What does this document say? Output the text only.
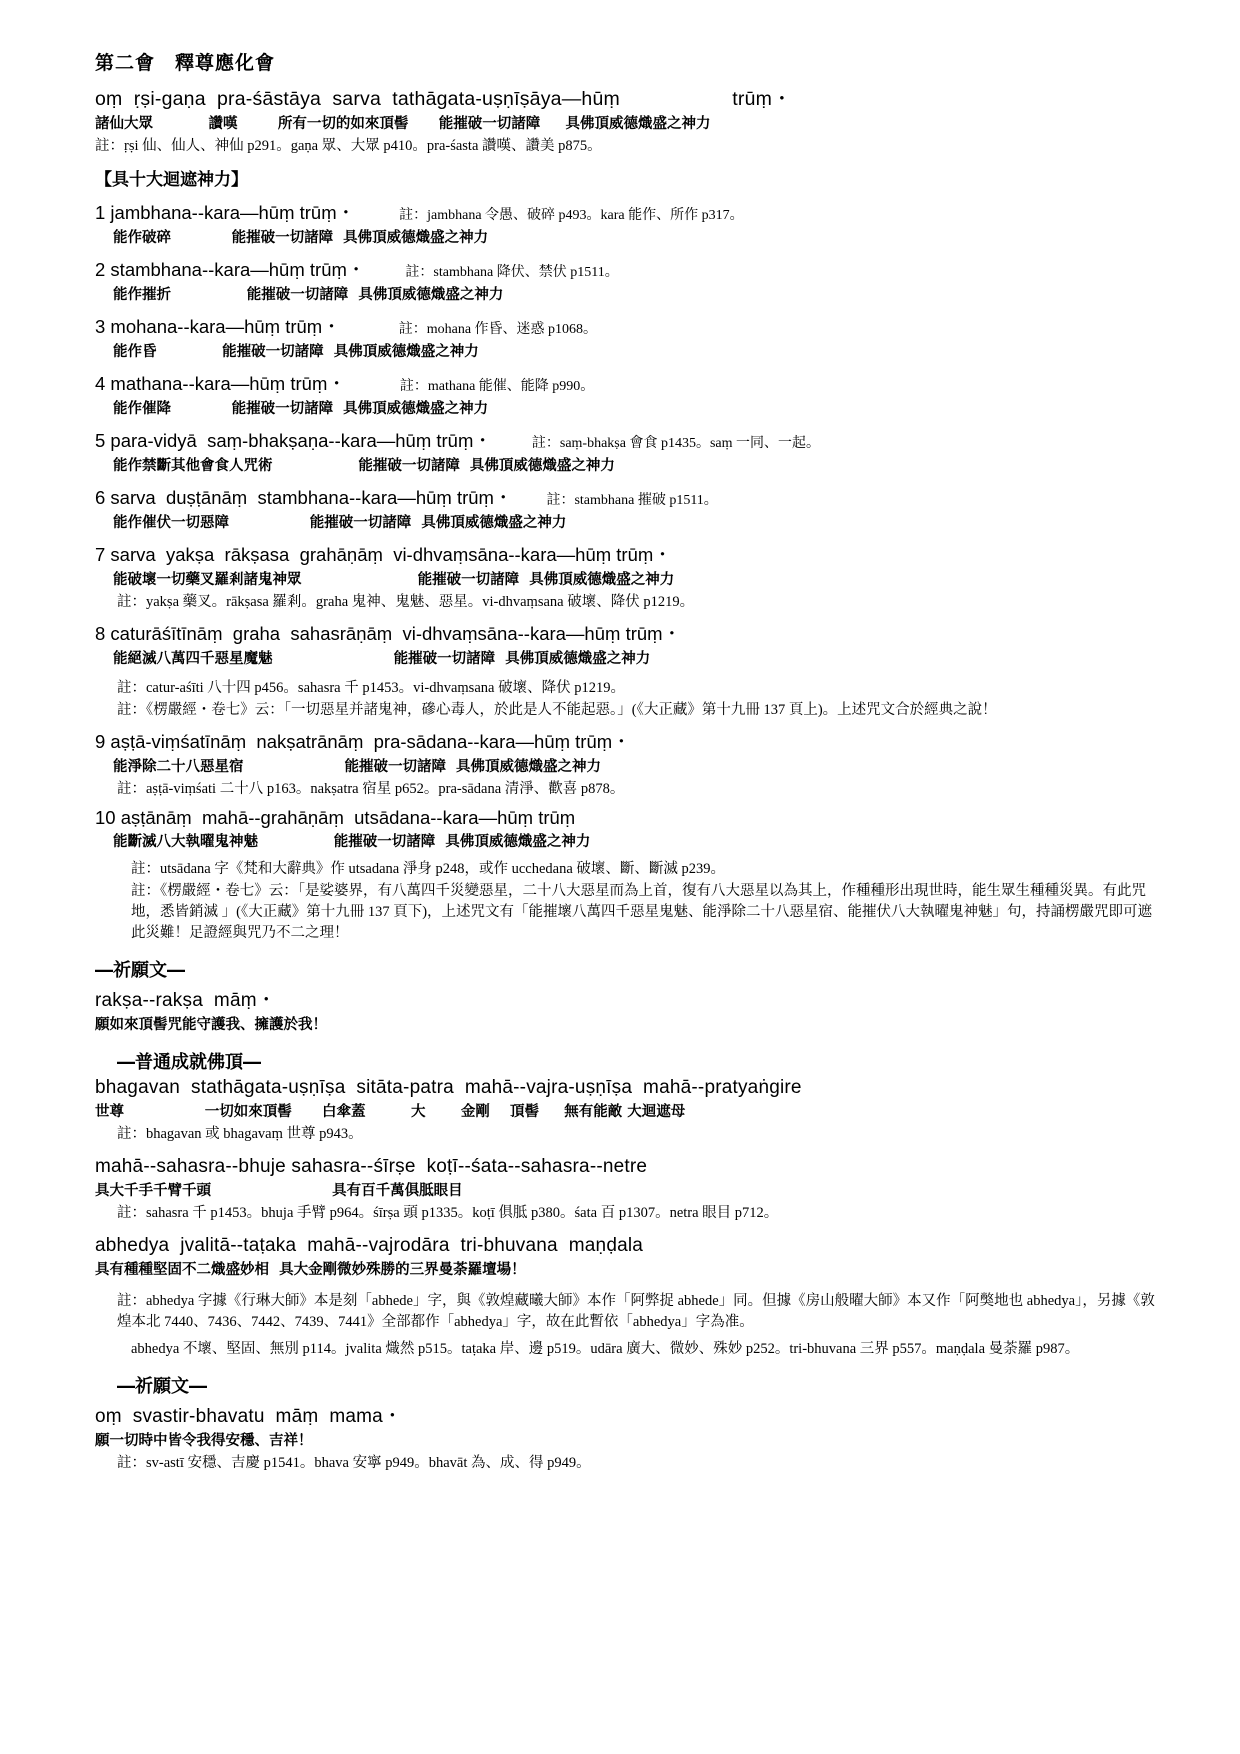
第二會　釋尊應化會
oṃ  ṛṣi-gaṇa  pra-śāstāya  sarva  tathāgata-uṣṇīṣāya—hūṃ                    trūṃ・
諸仙大眾           讚嘆        所有一切的如來頂髻      能摧破一切諸障     具佛頂威德熾盛之神力
註：ṛṣi 仙、仙人、神仙 p291。gaṇa 眾、大眾 p410。pra-śasta 讚嘆、讚美 p875。
【具十大迴遮神力】
1 jambhana--kara—hūṃ trūṃ・	註：jambhana 令愚、破碎 p493。kara 能作、所作 p317。
能作破碎            能摧破一切諸障  具佛頂威德熾盛之神力
2 stambhana--kara—hūṃ trūṃ・	註：stambhana 降伏、禁伏 p1511。
能作摧折               能摧破一切諸障  具佛頂威德熾盛之神力
3 mohana--kara—hūṃ trūṃ・	註：mohana 作昏、迷惑 p1068。
能作昏             能摧破一切諸障  具佛頂威德熾盛之神力
4 mathana--kara—hūṃ trūṃ・	註：mathana 能催、能降 p990。
能作催降            能摧破一切諸障  具佛頂威德熾盛之神力
5 para-vidyā  saṃ-bhakṣaṇa--kara—hūṃ trūṃ・	註：saṃ-bhakṣa 會食 p1435。saṃ 一同、一起。
能作禁斷其他會食人咒術                 能摧破一切諸障  具佛頂威德熾盛之神力
6 sarva  duṣṭānāṃ  stambhana--kara—hūṃ trūṃ・ 註：stambhana 摧破 p1511。
能作催伏一切惡障                能摧破一切諸障  具佛頂威德熾盛之神力
7 sarva  yakṣa  rākṣasa  grahāṇāṃ  vi-dhvaṃsāna--kara—hūṃ trūṃ・
能破壞一切藥叉羅剎諸鬼神眾                       能摧破一切諸障  具佛頂威德熾盛之神力
註：yakṣa 藥叉。rākṣasa 羅剎。graha 鬼神、鬼魅、惡星。vi-dhvaṃsana 破壞、降伏 p1219。
8 caturāśītīnāṃ  graha  sahasrāṇāṃ  vi-dhvaṃsāna--kara—hūṃ trūṃ・
能絕滅八萬四千惡星魔魅                        能摧破一切諸障  具佛頂威德熾盛之神力
註：catur-aśīti 八十四 p456。sahasra 千 p1453。vi-dhvaṃsana 破壞、降伏 p1219。
註：《楞嚴經・卷七》云：「一切惡星并諸鬼神，磣心毒人，於此是人不能起惡。」(《大正藏》第十九冊 137 頁上)。上述咒文合於經典之說！
9 aṣṭā-viṃśatīnāṃ  nakṣatrānāṃ  pra-sādana--kara—hūṃ trūṃ・
能淨除二十八惡星宿                    能摧破一切諸障  具佛頂威德熾盛之神力
註：aṣṭā-viṃśati 二十八 p163。nakṣatra 宿星 p652。pra-sādana 清淨、歡喜 p878。
10 aṣṭānāṃ  mahā--grahāṇāṃ  utsādana--kara—hūṃ trūṃ
能斷滅八大執曜鬼神魅               能摧破一切諸障  具佛頂威德熾盛之神力
註：utsādana 字《梵和大辭典》作 utsadana 淨身 p248，或作 ucchedana 破壞、斷、斷滅 p239。
註：《楞嚴經・卷七》云：「是娑婆界，有八萬四千災變惡星，二十八大惡星而為上首，復有八大惡星以為其上，作種種形出現世時，能生眾生種種災異。有此咒地，悉皆銷滅 」(《大正藏》第十九冊 137 頁下)，上述咒文有「能摧壞八萬四千惡星鬼魅、能淨除二十八惡星宿、能摧伏八大執曜鬼神魅」句，持誦楞嚴咒即可遮此災難！足證經與咒乃不二之理！
―祈願文―
rakṣa--rakṣa  māṃ・
願如來頂髻咒能守護我、擁護於我！
―普通成就佛頂―
bhagavan  stathāgata-uṣṇīṣa  sitāta-patra  mahā--vajra-uṣṇīṣa  mahā--pratyaṅgire
世尊                一切如來頂髻      白傘蓋         大       金剛    頂髻     無有能敵 大迴遮母
註：bhagavan 或 bhagavaṃ 世尊 p943。
mahā--sahasra--bhuje sahasra--śīrṣe  koṭī--śata--sahasra--netre
具大千手千臂千頭                        具有百千萬俱胝眼目
註：sahasra 千 p1453。bhuja 手臂 p964。śīrṣa 頭 p1335。koṭī 俱胝 p380。śata 百 p1307。netra 眼目 p712。
abhedya  jvalitā--taṭaka  mahā--vajrodāra  tri-bhuvana  maṇḍala
具有種種堅固不二熾盛妙相  具大金剛微妙殊勝的三界曼荼羅壇場！
註：abhedya 字據《行琳大師》本是刻「abhede」字，與《敦煌藏曦大師》本作「阿弊捉 abhede」同。但據《房山般曜大師》本又作「阿獘地也 abhedya」，另據《敦煌本北 7440、7436、7442、7439、7441》全部都作「abhedya」字，故在此暫依「abhedya」字為准。
abhedya 不壞、堅固、無別 p114。jvalita 熾然 p515。taṭaka 岸、邊 p519。udāra 廣大、微妙、殊妙 p252。tri-bhuvana 三界 p557。maṇḍala 曼荼羅 p987。
―祈願文―
oṃ  svastir-bhavatu  māṃ  mama・
願一切時中皆令我得安穩、吉祥！
註：sv-astī 安穩、吉慶 p1541。bhava 安寧 p949。bhavāt 為、成、得 p949。
